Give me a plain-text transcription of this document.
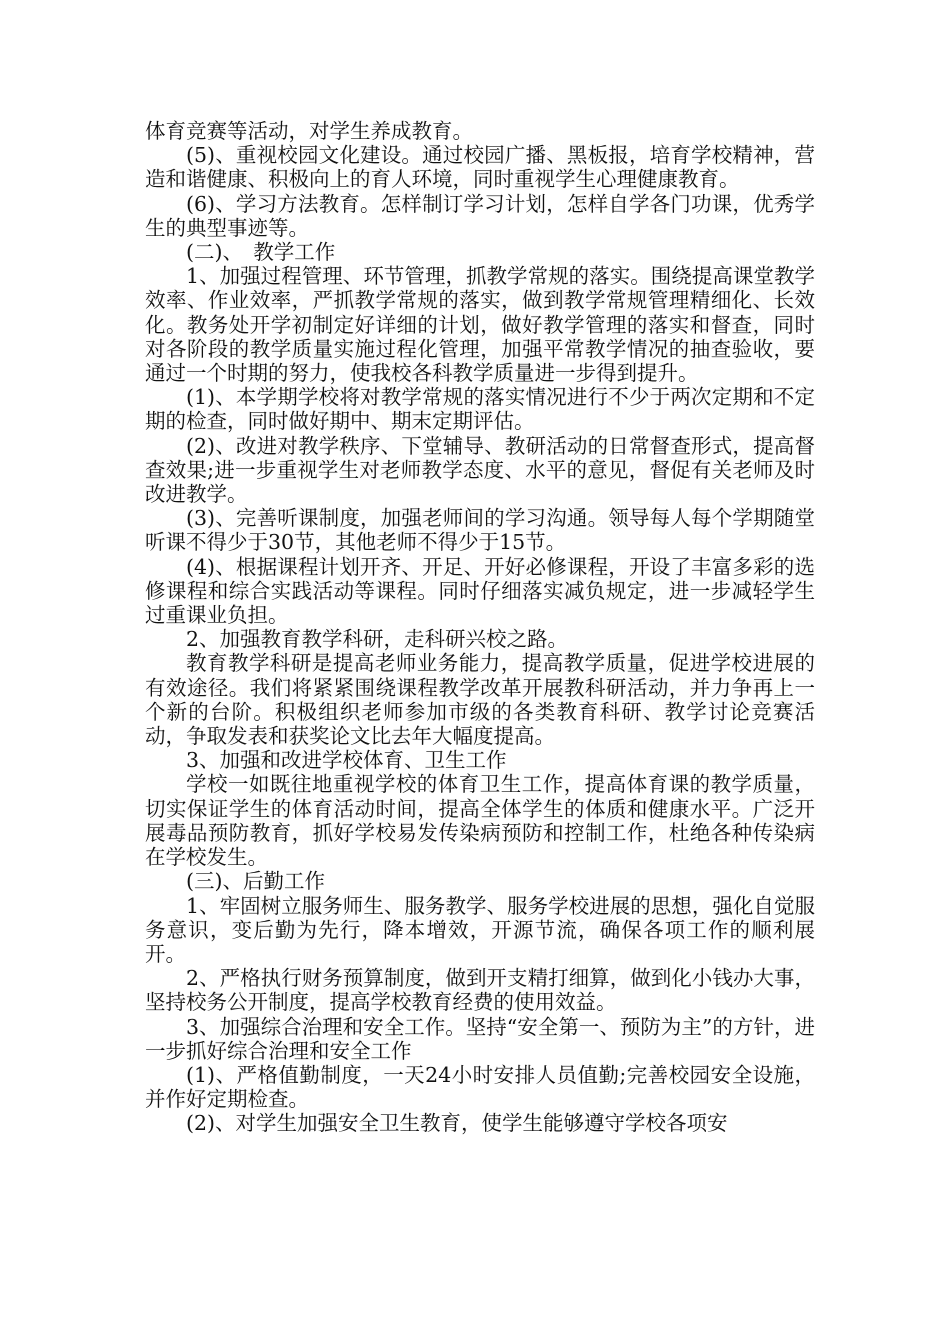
体育竞赛等活动，对学生养成教育。

(5)、重视校园文化建设。通过校园广播、黑板报，培育学校精神，营造和谐健康、积极向上的育人环境，同时重视学生心理健康教育。

(6)、学习方法教育。怎样制订学习计划，怎样自学各门功课，优秀学生的典型事迹等。

(二)、　教学工作

1、加强过程管理、环节管理，抓教学常规的落实。围绕提高课堂教学效率、作业效率，严抓教学常规的落实，做到教学常规管理精细化、长效化。教务处开学初制定好详细的计划，做好教学管理的落实和督查，同时对各阶段的教学质量实施过程化管理，加强平常教学情况的抽查验收，要通过一个时期的努力，使我校各科教学质量进一步得到提升。

(1)、本学期学校将对教学常规的落实情况进行不少于两次定期和不定期的检查，同时做好期中、期末定期评估。

(2)、改进对教学秩序、下堂辅导、教研活动的日常督查形式，提高督查效果;进一步重视学生对老师教学态度、水平的意见，督促有关老师及时改进教学。

(3)、完善听课制度，加强老师间的学习沟通。领导每人每个学期随堂听课不得少于30节，其他老师不得少于15节。

(4)、根据课程计划开齐、开足、开好必修课程，开设了丰富多彩的选修课程和综合实践活动等课程。同时仔细落实减负规定，进一步减轻学生过重课业负担。

2、加强教育教学科研，走科研兴校之路。

教育教学科研是提高老师业务能力，提高教学质量，促进学校进展的有效途径。我们将紧紧围绕课程教学改革开展教科研活动，并力争再上一个新的台阶。积极组织老师参加市级的各类教育科研、教学讨论竞赛活动，争取发表和获奖论文比去年大幅度提高。

3、加强和改进学校体育、卫生工作

学校一如既往地重视学校的体育卫生工作，提高体育课的教学质量，切实保证学生的体育活动时间，提高全体学生的体质和健康水平。广泛开展毒品预防教育，抓好学校易发传染病预防和控制工作，杜绝各种传染病在学校发生。

(三)、后勤工作

1、牢固树立服务师生、服务教学、服务学校进展的思想，强化自觉服务意识，变后勤为先行，降本增效，开源节流，确保各项工作的顺利展开。

2、严格执行财务预算制度，做到开支精打细算，做到化小钱办大事，坚持校务公开制度，提高学校教育经费的使用效益。

3、加强综合治理和安全工作。坚持“安全第一、预防为主”的方针，进一步抓好综合治理和安全工作

(1)、严格值勤制度，一天24小时安排人员值勤;完善校园安全设施，并作好定期检查。

(2)、对学生加强安全卫生教育，使学生能够遵守学校各项安
